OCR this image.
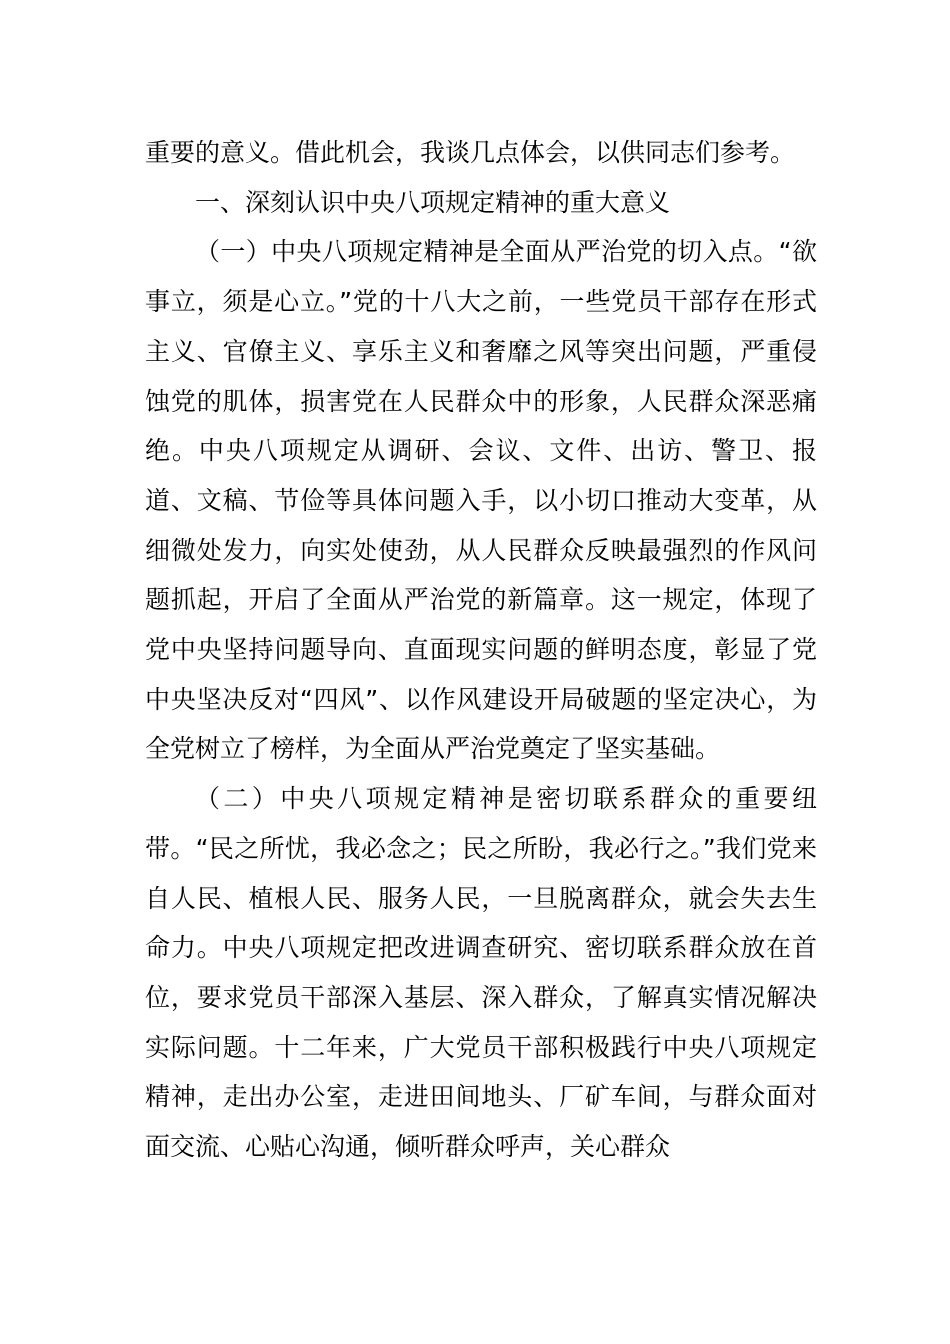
重要的意义。借此机会，我谈几点体会，以供同志们参考。

一、深刻认识中央八项规定精神的重大意义

（一）中央八项规定精神是全面从严治党的切入点。“欲事立，须是心立。”党的十八大之前，一些党员干部存在形式主义、官僚主义、享乐主义和奢靡之风等突出问题，严重侵蚀党的肌体，损害党在人民群众中的形象，人民群众深恶痛绝。中央八项规定从调研、会议、文件、出访、警卫、报道、文稿、节俭等具体问题入手，以小切口推动大变革，从细微处发力，向实处使劲，从人民群众反映最强烈的作风问题抓起，开启了全面从严治党的新篇章。这一规定，体现了党中央坚持问题导向、直面现实问题的鲜明态度，彰显了党中央坚决反对“四风”、以作风建设开局破题的坚定决心，为全党树立了榜样，为全面从严治党奠定了坚实基础。

（二）中央八项规定精神是密切联系群众的重要纽带。“民之所忧，我必念之；民之所盼，我必行之。”我们党来自人民、植根人民、服务人民，一旦脱离群众，就会失去生命力。中央八项规定把改进调查研究、密切联系群众放在首位，要求党员干部深入基层、深入群众，了解真实情况解决实际问题。十二年来，广大党员干部积极践行中央八项规定精神，走出办公室，走进田间地头、厂矿车间，与群众面对面交流、心贴心沟通，倾听群众呼声，关心群众
